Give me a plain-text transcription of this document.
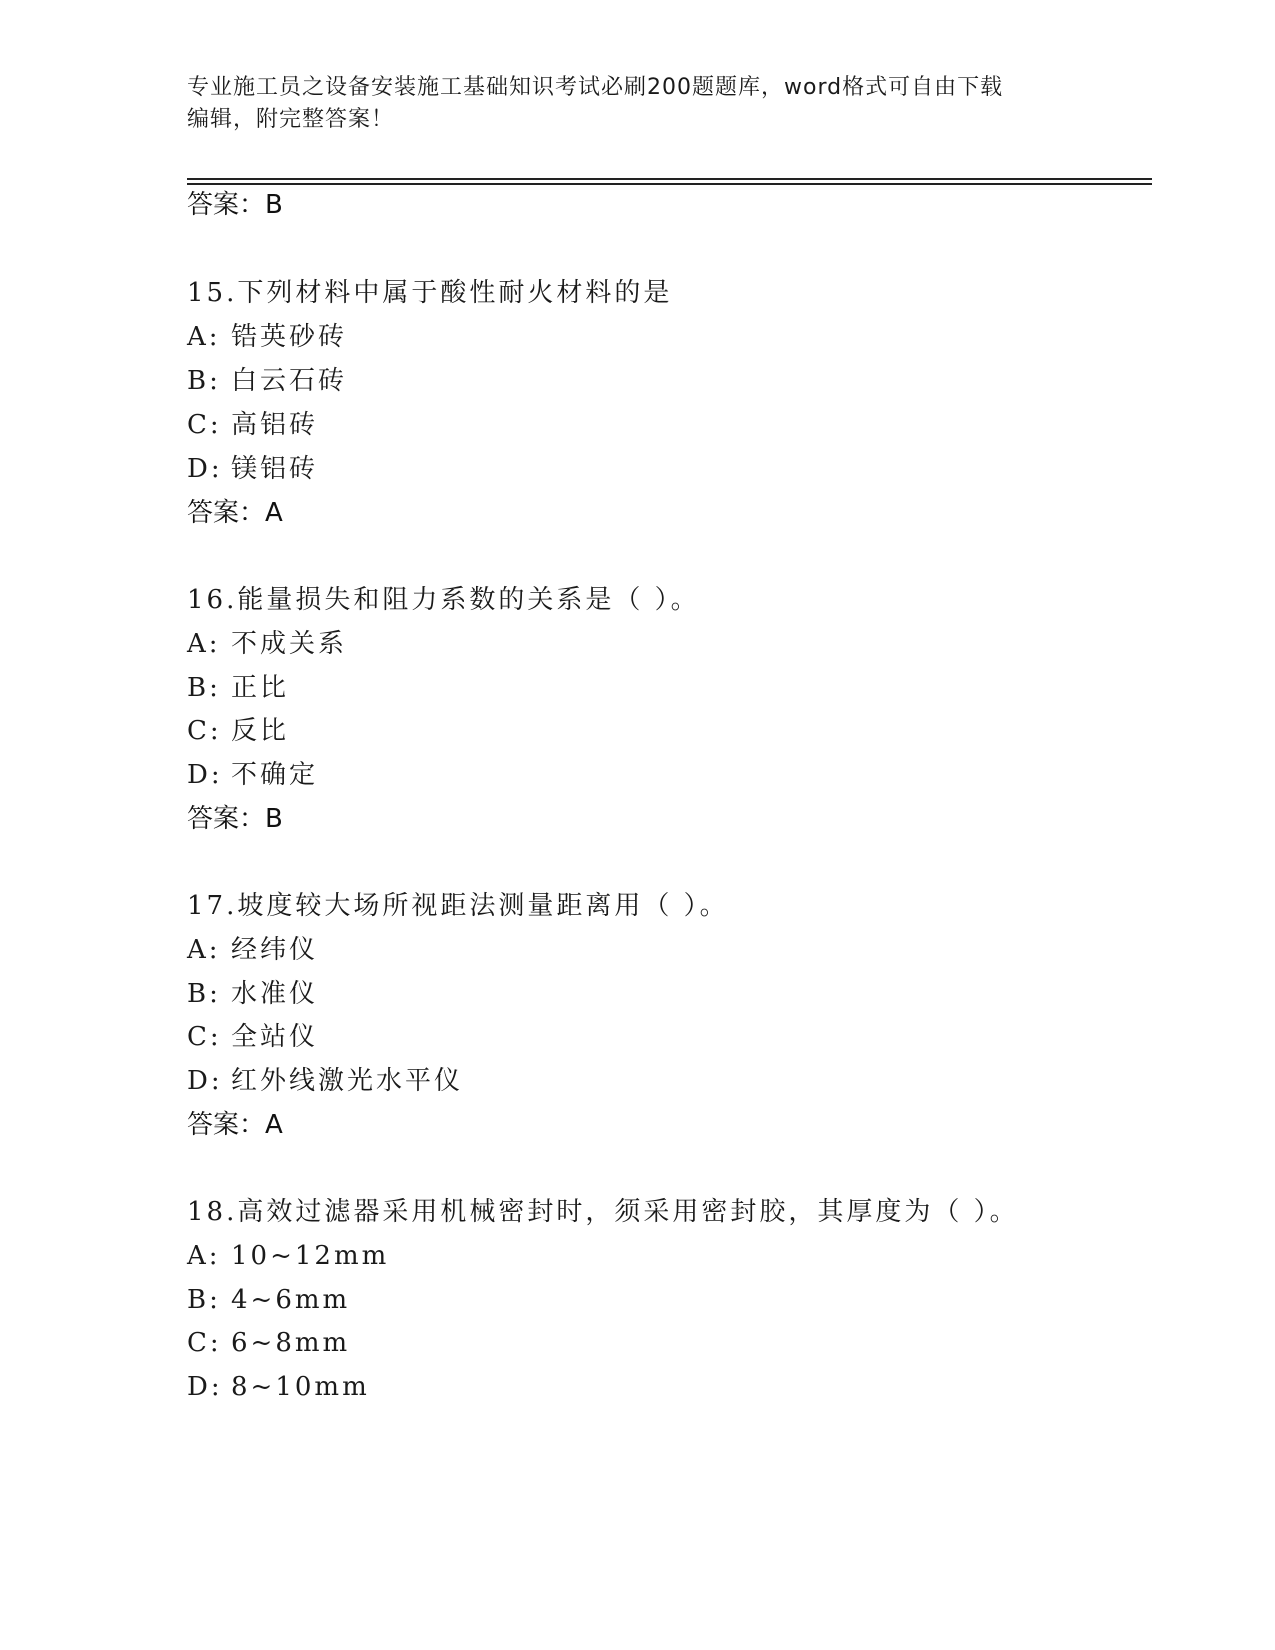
专业施工员之设备安装施工基础知识考试必刷200题题库，word格式可自由下载
编辑，附完整答案！
答案：B
15.下列材料中属于酸性耐火材料的是
A: 锆英砂砖
B: 白云石砖
C: 高铝砖
D: 镁铝砖
答案：A
16.能量损失和阻力系数的关系是（ ）。
A: 不成关系
B: 正比
C: 反比
D: 不确定
答案：B
17.坡度较大场所视距法测量距离用（ ）。
A: 经纬仪
B: 水准仪
C: 全站仪
D: 红外线激光水平仪
答案：A
18.高效过滤器采用机械密封时，须采用密封胶，其厚度为（ ）。
A: 10~12mm
B: 4~6mm
C: 6~8mm
D: 8~10mm
